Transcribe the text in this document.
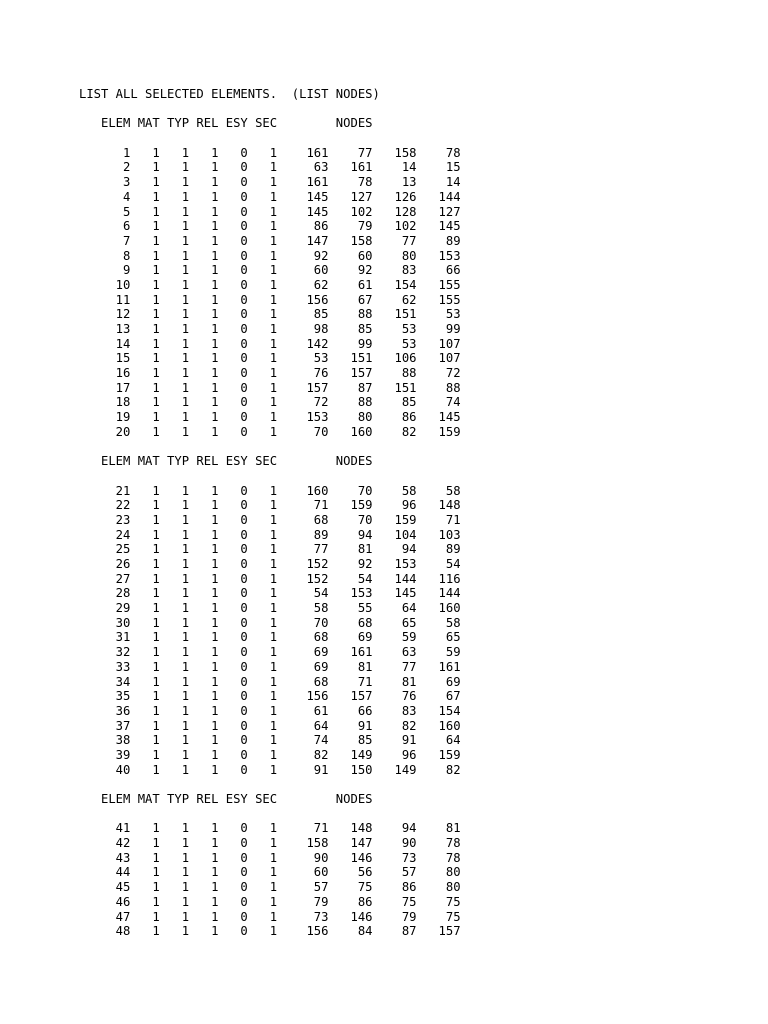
LIST ALL SELECTED ELEMENTS.  (LIST NODES)
ELEM MAT TYP REL ESY SEC        NODES
1   1   1   1   0   1    161    77   158    78
2   1   1   1   0   1     63   161    14    15
3   1   1   1   0   1    161    78    13    14
4   1   1   1   0   1    145   127   126   144
5   1   1   1   0   1    145   102   128   127
6   1   1   1   0   1     86    79   102   145
7   1   1   1   0   1    147   158    77    89
8   1   1   1   0   1     92    60    80   153
9   1   1   1   0   1     60    92    83    66
10   1   1   1   0   1     62    61   154   155
11   1   1   1   0   1    156    67    62   155
12   1   1   1   0   1     85    88   151    53
13   1   1   1   0   1     98    85    53    99
14   1   1   1   0   1    142    99    53   107
15   1   1   1   0   1     53   151   106   107
16   1   1   1   0   1     76   157    88    72
17   1   1   1   0   1    157    87   151    88
18   1   1   1   0   1     72    88    85    74
19   1   1   1   0   1    153    80    86   145
20   1   1   1   0   1     70   160    82   159
ELEM MAT TYP REL ESY SEC        NODES
21   1   1   1   0   1    160    70    58    58
22   1   1   1   0   1     71   159    96   148
23   1   1   1   0   1     68    70   159    71
24   1   1   1   0   1     89    94   104   103
25   1   1   1   0   1     77    81    94    89
26   1   1   1   0   1    152    92   153    54
27   1   1   1   0   1    152    54   144   116
28   1   1   1   0   1     54   153   145   144
29   1   1   1   0   1     58    55    64   160
30   1   1   1   0   1     70    68    65    58
31   1   1   1   0   1     68    69    59    65
32   1   1   1   0   1     69   161    63    59
33   1   1   1   0   1     69    81    77   161
34   1   1   1   0   1     68    71    81    69
35   1   1   1   0   1    156   157    76    67
36   1   1   1   0   1     61    66    83   154
37   1   1   1   0   1     64    91    82   160
38   1   1   1   0   1     74    85    91    64
39   1   1   1   0   1     82   149    96   159
40   1   1   1   0   1     91   150   149    82
ELEM MAT TYP REL ESY SEC        NODES
41   1   1   1   0   1     71   148    94    81
42   1   1   1   0   1    158   147    90    78
43   1   1   1   0   1     90   146    73    78
44   1   1   1   0   1     60    56    57    80
45   1   1   1   0   1     57    75    86    80
46   1   1   1   0   1     79    86    75    75
47   1   1   1   0   1     73   146    79    75
48   1   1   1   0   1    156    84    87   157
